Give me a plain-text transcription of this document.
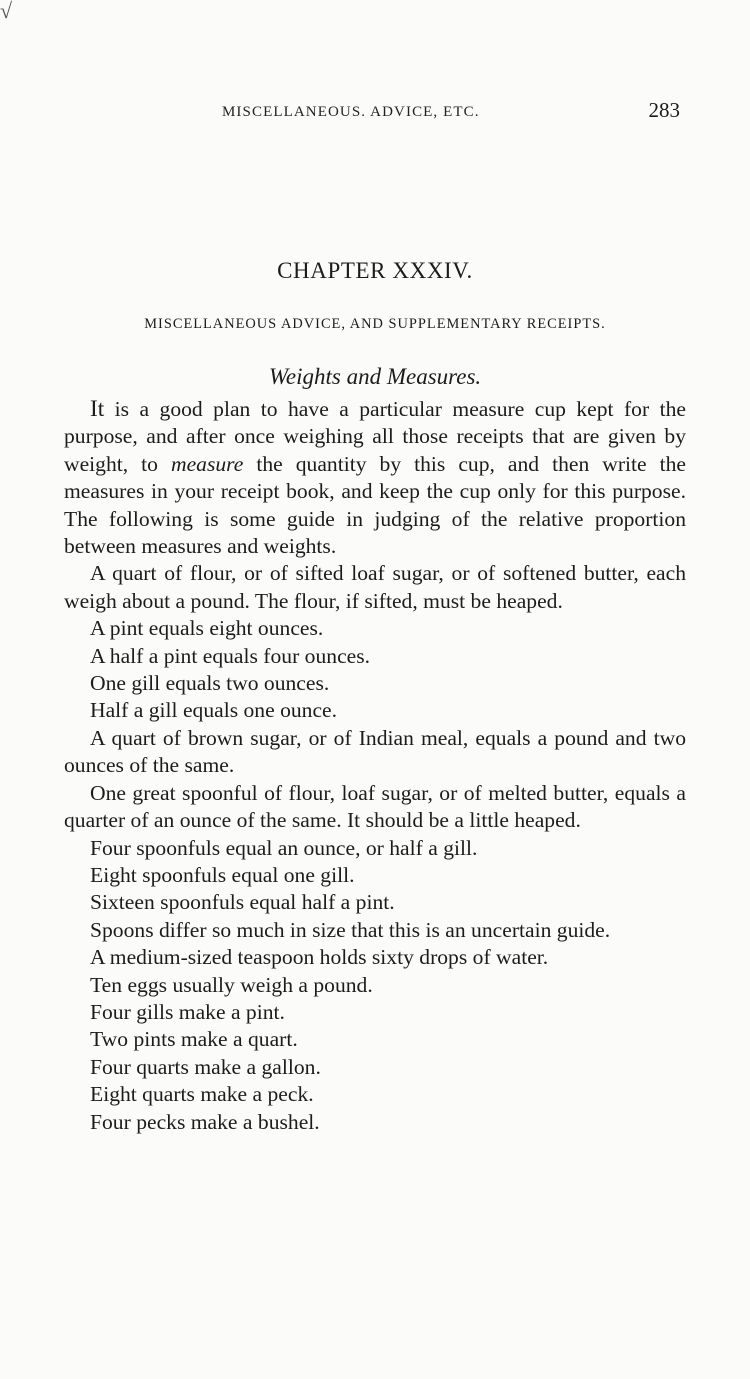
√
MISCELLANEOUS. ADVICE, ETC.	283
CHAPTER XXXIV.
MISCELLANEOUS ADVICE, AND SUPPLEMENTARY RECEIPTS.
Weights and Measures.

It is a good plan to have a particular measure cup kept for the purpose, and after once weighing all those receipts that are given by weight, to measure the quantity by this cup, and then write the measures in your receipt book, and keep the cup only for this purpose. The following is some guide in judging of the relative proportion between measures and weights.

A quart of flour, or of sifted loaf sugar, or of softened butter, each weigh about a pound. The flour, if sifted, must be heaped.

A pint equals eight ounces.

A half a pint equals four ounces.

One gill equals two ounces.

Half a gill equals one ounce.

A quart of brown sugar, or of Indian meal, equals a pound and two ounces of the same.

One great spoonful of flour, loaf sugar, or of melted butter, equals a quarter of an ounce of the same. It should be a little heaped.

Four spoonfuls equal an ounce, or half a gill.

Eight spoonfuls equal one gill.

Sixteen spoonfuls equal half a pint.

Spoons differ so much in size that this is an uncertain guide.

A medium-sized teaspoon holds sixty drops of water.

Ten eggs usually weigh a pound.

Four gills make a pint.

Two pints make a quart.

Four quarts make a gallon.

Eight quarts make a peck.

Four pecks make a bushel.
